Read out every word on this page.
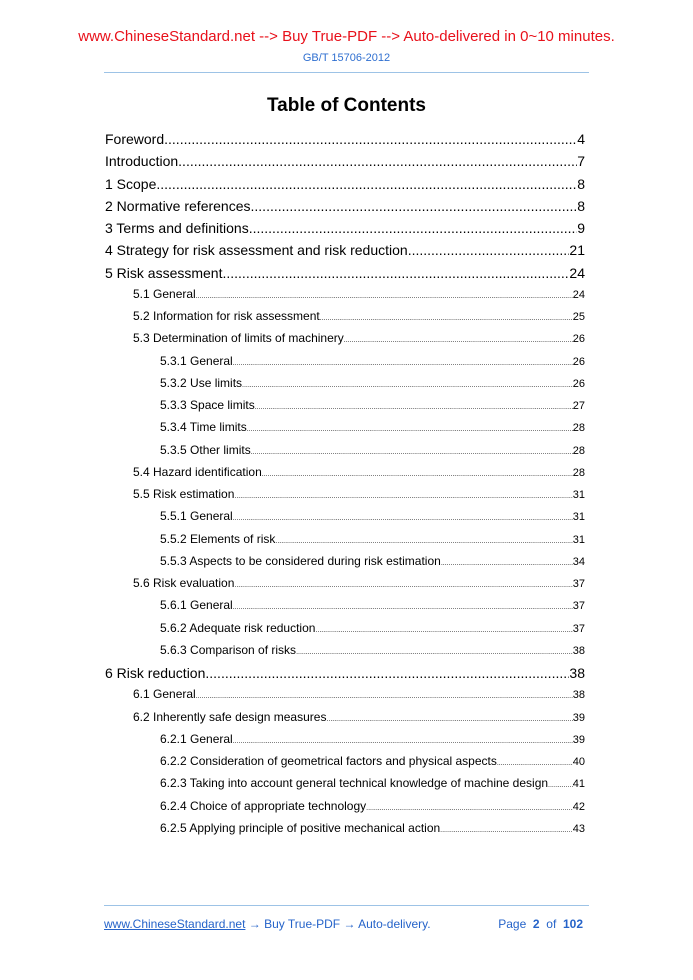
www.ChineseStandard.net --> Buy True-PDF --> Auto-delivered in 0~10 minutes.
GB/T 15706-2012
Table of Contents
Foreword .....	4
Introduction .....	7
1 Scope .....	8
2 Normative references .....	8
3 Terms and definitions .....	9
4 Strategy for risk assessment and risk reduction .....	21
5 Risk assessment .....	24
5.1 General .....	24
5.2 Information for risk assessment .....	25
5.3 Determination of limits of machinery .....	26
5.3.1 General .....	26
5.3.2 Use limits .....	26
5.3.3 Space limits .....	27
5.3.4 Time limits .....	28
5.3.5 Other limits .....	28
5.4 Hazard identification .....	28
5.5 Risk estimation .....	31
5.5.1 General .....	31
5.5.2 Elements of risk .....	31
5.5.3 Aspects to be considered during risk estimation .....	34
5.6 Risk evaluation .....	37
5.6.1 General .....	37
5.6.2 Adequate risk reduction .....	37
5.6.3 Comparison of risks .....	38
6 Risk reduction .....	38
6.1 General .....	38
6.2 Inherently safe design measures .....	39
6.2.1 General .....	39
6.2.2 Consideration of geometrical factors and physical aspects .....	40
6.2.3 Taking into account general technical knowledge of machine design ..... 41
6.2.4 Choice of appropriate technology .....	42
6.2.5 Applying principle of positive mechanical action .....	43
www.ChineseStandard.net → Buy True-PDF → Auto-delivery.	Page 2 of 102
